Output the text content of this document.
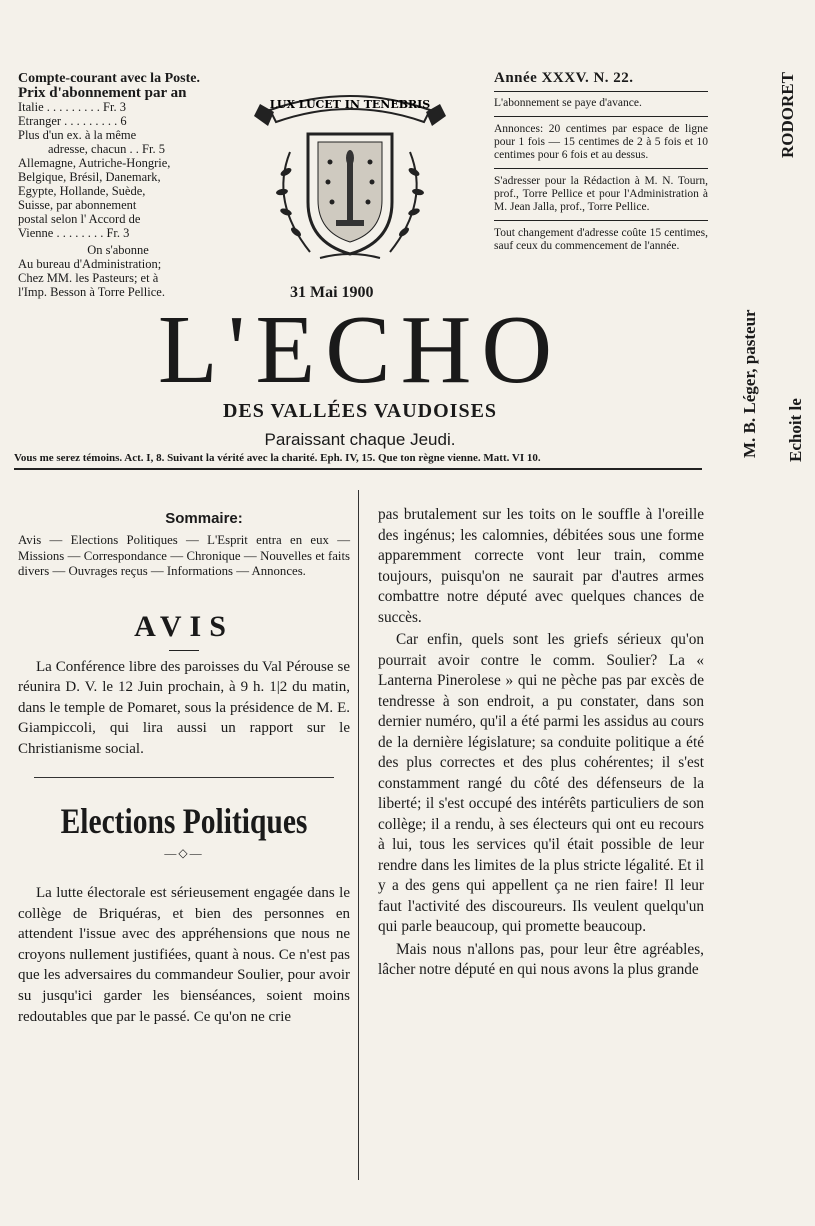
Compte-courant avec la Poste.
Prix d'abonnement par an
Italie . . . . . . . . . Fr. 3
Etranger . . . . . . . . . 6
Plus d'un ex. à la même
adresse, chacun . . Fr. 5
Allemagne, Autriche-Hongrie,
Belgique, Brésil, Danemark,
Egypte, Hollande, Suède,
Suisse, par abonnement
postal selon l' Accord de
Vienne . . . . . . . . Fr. 3
On s'abonne
Au bureau d'Administration;
Chez MM. les Pasteurs; et à
l'Imp. Besson à Torre Pellice.
LUX LUCET IN TENEBRIS
31 Mai 1900
Année XXXV. N. 22.
L'abonnement se paye d'avance.
Annonces: 20 centimes par espace de ligne pour 1 fois — 15 centimes de 2 à 5 fois et 10 centimes pour 6 fois et au dessus.
S'adresser pour la Rédaction à M. N. Tourn, prof., Torre Pellice et pour l'Administration à M. Jean Jalla, prof., Torre Pellice.
Tout changement d'adresse coûte 15 centimes, sauf ceux du commencement de l'année.
L'ECHO
DES VALLÉES VAUDOISES
Paraissant chaque Jeudi.
Vous me serez témoins. Act. I, 8. Suivant la vérité avec la charité. Eph. IV, 15. Que ton règne vienne. Matt. VI 10.
RODORET
M. B. Léger, pasteur Echoit le
Sommaire:
Avis — Elections Politiques — L'Esprit entra en eux — Missions — Correspondance — Chronique — Nouvelles et faits divers — Ouvrages reçus — Informations — Annonces.
AVIS
La Conférence libre des paroisses du Val Pérouse se réunira D. V. le 12 Juin prochain, à 9 h. 1|2 du matin, dans le temple de Pomaret, sous la présidence de M. E. Giampiccoli, qui lira aussi un rapport sur le Christianisme social.
Elections Politiques
—◇—
La lutte électorale est sérieusement engagée dans le collège de Briquéras, et bien des personnes en attendent l'issue avec des appréhensions que nous ne croyons nullement justifiées, quant à nous. Ce n'est pas que les adversaires du commandeur Soulier, pour avoir su jusqu'ici garder les bienséances, soient moins redoutables que par le passé. Ce qu'on ne crie

pas brutalement sur les toits on le souffle à l'oreille des ingénus; les calomnies, débitées sous une forme apparemment correcte vont leur train, comme toujours, puisqu'on ne saurait par d'autres armes combattre notre député avec quelques chances de succès.

Car enfin, quels sont les griefs sérieux qu'on pourrait avoir contre le comm. Soulier? La « Lanterna Pinerolese » qui ne pèche pas par excès de tendresse à son endroit, a pu constater, dans son dernier numéro, qu'il a été parmi les assidus au cours de la dernière législature; sa conduite politique a été des plus correctes et des plus cohérentes; il s'est constamment rangé du côté des défenseurs de la liberté; il s'est occupé des intérêts particuliers de son collège; il a rendu, à ses électeurs qui ont eu recours à lui, tous les services qu'il était possible de leur rendre dans les limites de la plus stricte légalité. Et il y a des gens qui appellent ça ne rien faire! Il leur faut l'activité des discoureurs. Ils veulent quelqu'un qui parle beaucoup, qui promette beaucoup.

Mais nous n'allons pas, pour leur être agréables, lâcher notre député en qui nous avons la plus grande
